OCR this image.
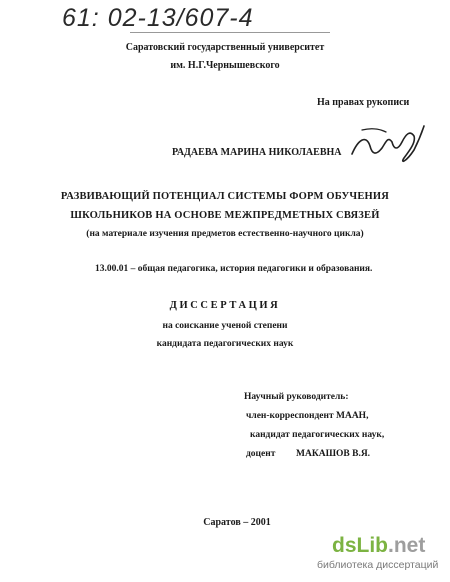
61: 02-13/607-4
Саратовский государственный университет
им. Н.Г.Чернышевского
На правах рукописи
РАДАЕВА МАРИНА НИКОЛАЕВНА
РАЗВИВАЮЩИЙ ПОТЕНЦИАЛ СИСТЕМЫ ФОРМ ОБУЧЕНИЯ
ШКОЛЬНИКОВ НА ОСНОВЕ МЕЖПРЕДМЕТНЫХ СВЯЗЕЙ
(на материале изучения предметов естественно-научного цикла)
13.00.01 – общая педагогика, история педагогики и образования.
ДИССЕРТАЦИЯ
на соискание ученой степени
кандидата педагогических наук
Научный руководитель:
член-корреспондент МААН,
кандидат педагогических наук,
доцент МАКАШОВ В.Я.
Саратов – 2001
dsLib.net
библиотека диссертаций
